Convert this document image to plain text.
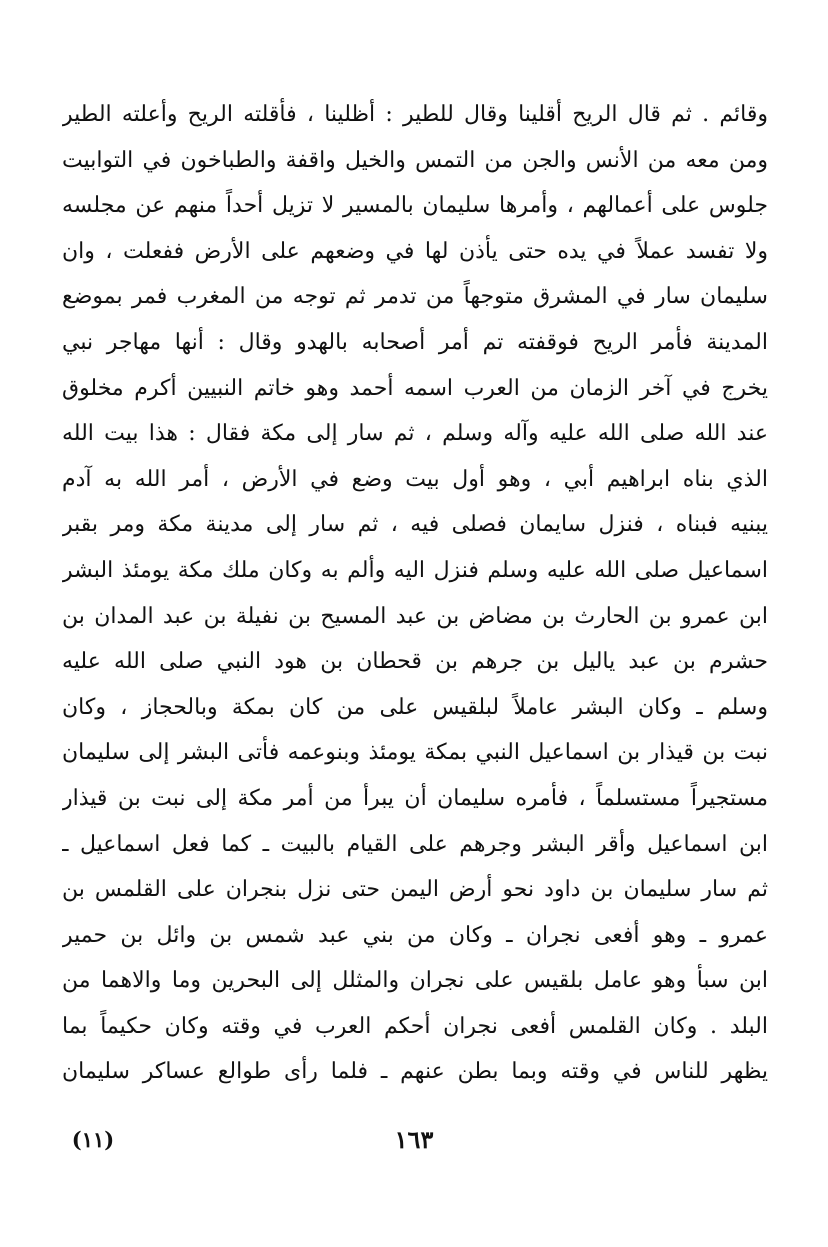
وقائم . ثم قال الريح أقلينا وقال للطير : أظلينا ، فأقلته الريح وأعلته الطير
ومن معه من الأنس والجن من التمس والخيل واقفة والطباخون في التوابيت
جلوس على أعمالهم ، وأمرها سليمان بالمسير لا تزيل أحداً منهم عن مجلسه
ولا تفسد عملاً في يده حتى يأذن لها في وضعهم على الأرض ففعلت ، وان
سليمان سار في المشرق متوجهاً من تدمر ثم توجه من المغرب فمر بموضع
المدينة فأمر الريح فوقفته تم أمر أصحابه بالهدو وقال : أنها مهاجر نبي
يخرج في آخر الزمان من العرب اسمه أحمد وهو خاتم النبيين أكرم مخلوق
عند الله صلى الله عليه وآله وسلم ، ثم سار إلى مكة فقال : هذا بيت الله
الذي بناه ابراهيم أبي ، وهو أول بيت وضع في الأرض ، أمر الله به آدم
يبنيه فبناه ، فنزل سايمان فصلى فيه ، ثم سار إلى مدينة مكة ومر بقبر
اسماعيل صلى الله عليه وسلم فنزل اليه وألم به وكان ملك مكة يومئذ البشر
ابن عمرو بن الحارث بن مضاض بن عبد المسيح بن نفيلة بن عبد المدان بن
حشرم بن عبد ياليل بن جرهم بن قحطان بن هود النبي صلى الله عليه
وسلم ـ وكان البشر عاملاً لبلقيس على من كان بمكة وبالحجاز ، وكان
نبت بن قيذار بن اسماعيل النبي بمكة يومئذ وبنوعمه فأتى البشر إلى سليمان
مستجيراً مستسلماً ، فأمره سليمان أن يبرأ من أمر مكة إلى نبت بن قيذار
ابن اسماعيل وأقر البشر وجرهم على القيام بالبيت ـ كما فعل اسماعيل ـ
ثم سار سليمان بن داود نحو أرض اليمن حتى نزل بنجران على القلمس بن
عمرو ـ وهو أفعى نجران ـ وكان من بني عبد شمس بن وائل بن حمير
ابن سبأ وهو عامل بلقيس على نجران والمثلل إلى البحرين وما والاهما من
البلد . وكان القلمس أفعى نجران أحكم العرب في وقته وكان حكيماً بما
يظهر للناس في وقته وبما بطن عنهم ـ فلما رأى طوالع عساكر سليمان
١٦٣
(١١)
